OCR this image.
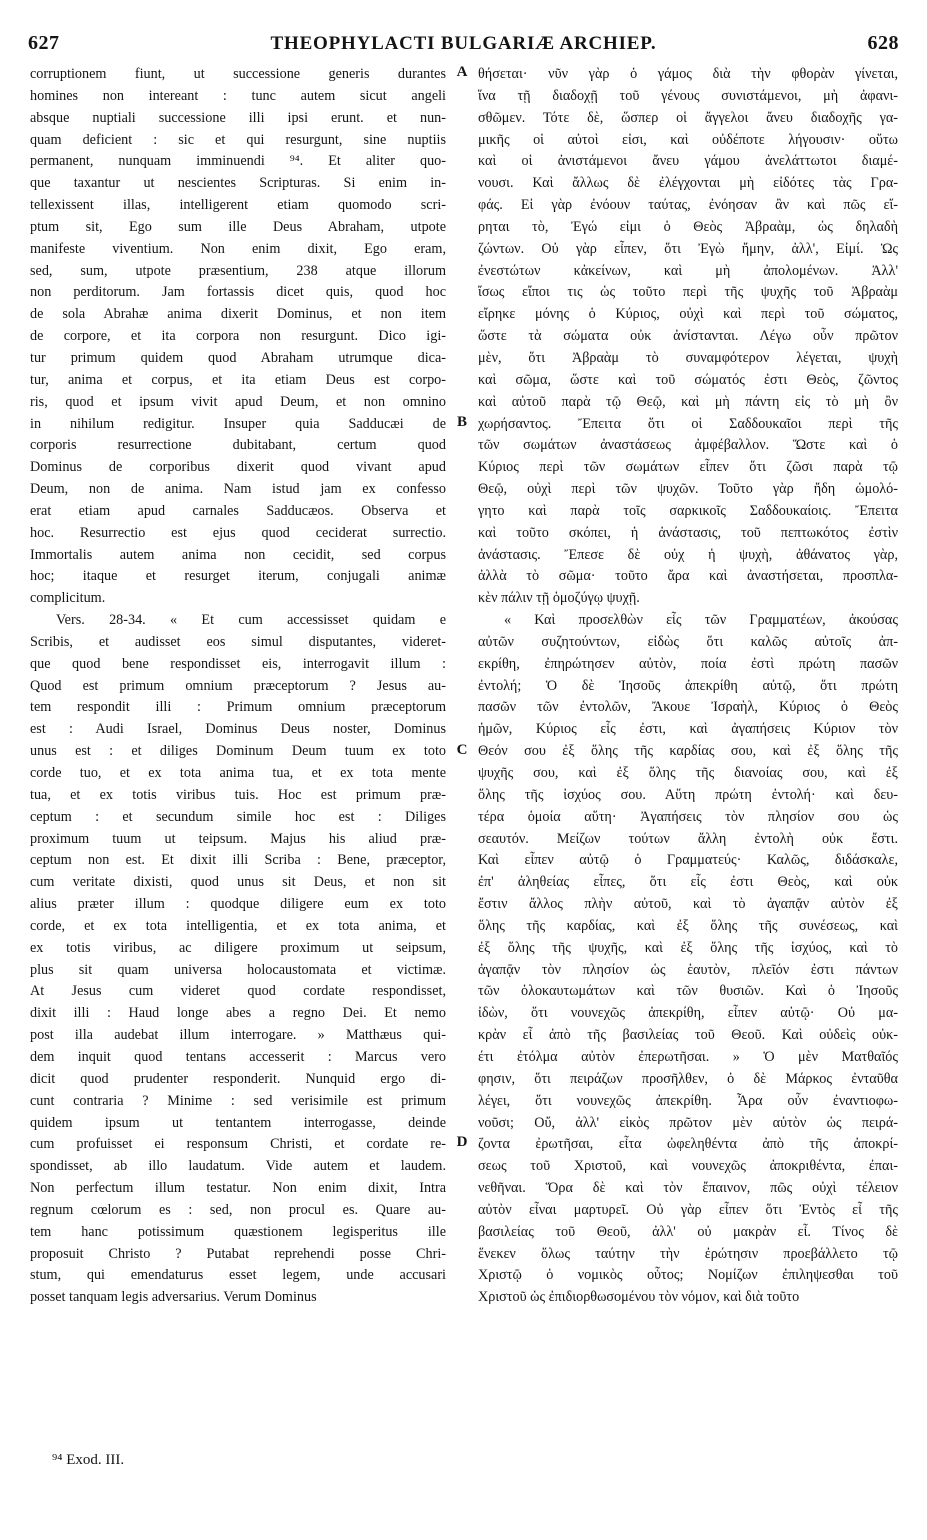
627	THEOPHYLACTI BULGARIÆ ARCHIEP.	628
corruptionem fiunt, ut successione generis durantes
homines non intereant : tunc autem sicut angeli
absque nuptiali successione illi ipsi erunt. et nun-
quam deficient : sic et qui resurgunt, sine nuptiis
permanent, nunquam imminuendi ⁹⁴. Et aliter quo-
que taxantur ut nescientes Scripturas. Si enim in-
tellexissent illas, intelligerent etiam quomodo scri-
ptum sit, Ego sum ille Deus Abraham, utpote
manifeste viventium. Non enim dixit, Ego eram,
sed, sum, utpote præsentium, 238 atque illorum
non perditorum. Jam fortassis dicet quis, quod hoc
de sola Abrahæ anima dixerit Dominus, et non item
de corpore, et ita corpora non resurgunt. Dico igi-
tur primum quidem quod Abraham utrumque dica-
tur, anima et corpus, et ita etiam Deus est corpo-
ris, quod et ipsum vivit apud Deum, et non omnino
in nihilum redigitur. Insuper quia Sadducæi de
corporis resurrectione dubitabant, certum quod
Dominus de corporibus dixerit quod vivant apud
Deum, non de anima. Nam istud jam ex confesso
erat etiam apud carnales Sadducæos. Observa et
hoc. Resurrectio est ejus quod ceciderat surrectio.
Immortalis autem anima non cecidit, sed corpus
hoc; itaque et resurget iterum, conjugali animæ
complicitum.
Vers. 28-34. « Et cum accessisset quidam e
Scribis, et audisset eos simul disputantes, videret-
que quod bene respondisset eis, interrogavit illum :
Quod est primum omnium præceptorum ? Jesus au-
tem respondit illi : Primum omnium præceptorum
est : Audi Israel, Dominus Deus noster, Dominus
unus est : et diliges Dominum Deum tuum ex toto
corde tuo, et ex tota anima tua, et ex tota mente
tua, et ex totis viribus tuis. Hoc est primum præ-
ceptum : et secundum simile hoc est : Diliges
proximum tuum ut teipsum. Majus his aliud præ-
ceptum non est. Et dixit illi Scriba : Bene, præceptor,
cum veritate dixisti, quod unus sit Deus, et non sit
alius præter illum : quodque diligere eum ex toto
corde, et ex tota intelligentia, et ex tota anima, et
ex totis viribus, ac diligere proximum ut seipsum,
plus sit quam universa holocaustomata et victimæ.
At Jesus cum videret quod cordate respondisset,
dixit illi : Haud longe abes a regno Dei. Et nemo
post illa audebat illum interrogare. » Matthæus qui-
dem inquit quod tentans accesserit : Marcus vero
dicit quod prudenter responderit. Nunquid ergo di-
cunt contraria ? Minime : sed verisimile est primum
quidem ipsum ut tentantem interrogasse, deinde
cum profuisset ei responsum Christi, et cordate re-
spondisset, ab illo laudatum. Vide autem et laudem.
Non perfectum illum testatur. Non enim dixit, Intra
regnum cœlorum es : sed, non procul es. Quare au-
tem hanc potissimum quæstionem legisperitus ille
proposuit Christo ? Putabat reprehendi posse Chri-
stum, qui emendaturus esset legem, unde accusari
posset tanquam legis adversarius. Verum Dominus
θήσεται· νῦν γὰρ ὁ γάμος διὰ τὴν φθορὰν γίνεται,
ἵνα τῇ διαδοχῇ τοῦ γένους συνιστάμενοι, μὴ ἀφανι-
σθῶμεν. Τότε δὲ, ὥσπερ οἱ ἄγγελοι ἄνευ διαδοχῆς γα-
μικῆς οἱ αὐτοὶ εἰσι, καὶ οὐδέποτε λήγουσιν· οὕτω
καὶ οἱ ἀνιστάμενοι ἄνευ γάμου ἀνελάττωτοι διαμέ-
νουσι. Καὶ ἄλλως δὲ ἐλέγχονται μὴ εἰδότες τὰς Γρα-
φάς. Εἰ γὰρ ἐνόουν ταύτας, ἐνόησαν ἂν καὶ πῶς εἴ-
ρηται τὸ, Ἐγώ εἰμι ὁ Θεὸς Ἀβραὰμ, ὡς δηλαδὴ
ζώντων. Οὐ γὰρ εἶπεν, ὅτι Ἐγὼ ἤμην, ἀλλ', Εἰμί. Ὡς
ἐνεστώτων κἀκείνων, καὶ μὴ ἀπολομένων. Ἀλλ'
ἴσως εἴποι τις ὡς τοῦτο περὶ τῆς ψυχῆς τοῦ Ἀβραὰμ
εἴρηκε μόνης ὁ Κύριος, οὐχὶ καὶ περὶ τοῦ σώματος,
ὥστε τὰ σώματα οὐκ ἀνίστανται. Λέγω οὖν πρῶτον
μὲν, ὅτι Ἀβραὰμ τὸ συναμφότερον λέγεται, ψυχὴ
καὶ σῶμα, ὥστε καὶ τοῦ σώματός ἐστι Θεὸς, ζῶντος
καὶ αὐτοῦ παρὰ τῷ Θεῷ, καὶ μὴ πάντη εἰς τὸ μὴ ὂν
χωρήσαντος. Ἔπειτα ὅτι οἱ Σαδδουκαῖοι περὶ τῆς
τῶν σωμάτων ἀναστάσεως ἀμφέβαλλον. Ὥστε καὶ ὁ
Κύριος περὶ τῶν σωμάτων εἶπεν ὅτι ζῶσι παρὰ τῷ
Θεῷ, οὐχὶ περὶ τῶν ψυχῶν. Τοῦτο γὰρ ἤδη ὡμολό-
γητο καὶ παρὰ τοῖς σαρκικοῖς Σαδδουκαίοις. Ἔπειτα
καὶ τοῦτο σκόπει, ἡ ἀνάστασις, τοῦ πεπτωκότος ἐστὶν
ἀνάστασις. Ἔπεσε δὲ οὐχ ἡ ψυχὴ, ἀθάνατος γὰρ,
ἀλλὰ τὸ σῶμα· τοῦτο ἄρα καὶ ἀναστήσεται, προσπλα-
κὲν πάλιν τῇ ὁμοζύγῳ ψυχῇ.
« Καὶ προσελθὼν εἷς τῶν Γραμματέων, ἀκούσας
αὐτῶν συζητούντων, εἰδὼς ὅτι καλῶς αὐτοῖς ἀπ-
εκρίθη, ἐπηρώτησεν αὐτὸν, ποία ἐστὶ πρώτη πασῶν
ἐντολή; Ὁ δὲ Ἰησοῦς ἀπεκρίθη αὐτῷ, ὅτι πρώτη
πασῶν τῶν ἐντολῶν, Ἄκουε Ἰσραὴλ, Κύριος ὁ Θεὸς
ἡμῶν, Κύριος εἷς ἐστι, καὶ ἀγαπήσεις Κύριον τὸν
Θεόν σου ἐξ ὅλης τῆς καρδίας σου, καὶ ἐξ ὅλης τῆς
ψυχῆς σου, καὶ ἐξ ὅλης τῆς διανοίας σου, καὶ ἐξ
ὅλης τῆς ἰσχύος σου. Αὕτη πρώτη ἐντολή· καὶ δευ-
τέρα ὁμοία αὕτη· Ἀγαπήσεις τὸν πλησίον σου ὡς
σεαυτόν. Μείζων τούτων ἄλλη ἐντολὴ οὐκ ἔστι.
Καὶ εἶπεν αὐτῷ ὁ Γραμματεύς· Καλῶς, διδάσκαλε,
ἐπ' ἀληθείας εἶπες, ὅτι εἷς ἐστι Θεὸς, καὶ οὐκ
ἔστιν ἄλλος πλὴν αὐτοῦ, καὶ τὸ ἀγαπᾷν αὐτὸν ἐξ
ὅλης τῆς καρδίας, καὶ ἐξ ὅλης τῆς συνέσεως, καὶ
ἐξ ὅλης τῆς ψυχῆς, καὶ ἐξ ὅλης τῆς ἰσχύος, καὶ τὸ
ἀγαπᾷν τὸν πλησίον ὡς ἑαυτὸν, πλεῖόν ἐστι πάντων
τῶν ὁλοκαυτωμάτων καὶ τῶν θυσιῶν. Καὶ ὁ Ἰησοῦς
ἰδὼν, ὅτι νουνεχῶς ἀπεκρίθη, εἶπεν αὐτῷ· Οὐ μα-
κρὰν εἶ ἀπὸ τῆς βασιλείας τοῦ Θεοῦ. Καὶ οὐδεὶς οὐκ-
έτι ἐτόλμα αὐτὸν ἐπερωτῆσαι. » Ὁ μὲν Ματθαῖός
φησιν, ὅτι πειράζων προσῆλθεν, ὁ δὲ Μάρκος ἐνταῦθα
λέγει, ὅτι νουνεχῶς ἀπεκρίθη. Ἆρα οὖν ἐναντιοφω-
νοῦσι; Οὔ, ἀλλ' εἰκὸς πρῶτον μὲν αὐτὸν ὡς πειρά-
ζοντα ἐρωτῆσαι, εἶτα ὠφεληθέντα ἀπὸ τῆς ἀποκρί-
σεως τοῦ Χριστοῦ, καὶ νουνεχῶς ἀποκριθέντα, ἐπαι-
νεθῆναι. Ὅρα δὲ καὶ τὸν ἔπαινον, πῶς οὐχὶ τέλειον
αὐτὸν εἶναι μαρτυρεῖ. Οὐ γὰρ εἶπεν ὅτι Ἐντὸς εἶ τῆς
βασιλείας τοῦ Θεοῦ, ἀλλ' οὐ μακρὰν εἶ. Τίνος δὲ
ἕνεκεν ὅλως ταύτην τὴν ἐρώτησιν προεβάλλετο τῷ
Χριστῷ ὁ νομικὸς οὗτος; Νομίζων ἐπιληψεσθαι τοῦ
Χριστοῦ ὡς ἐπιδιορθωσομένου τὸν νόμον, καὶ διὰ τοῦτο
A
B
C
D
⁹⁴ Exod. III.
